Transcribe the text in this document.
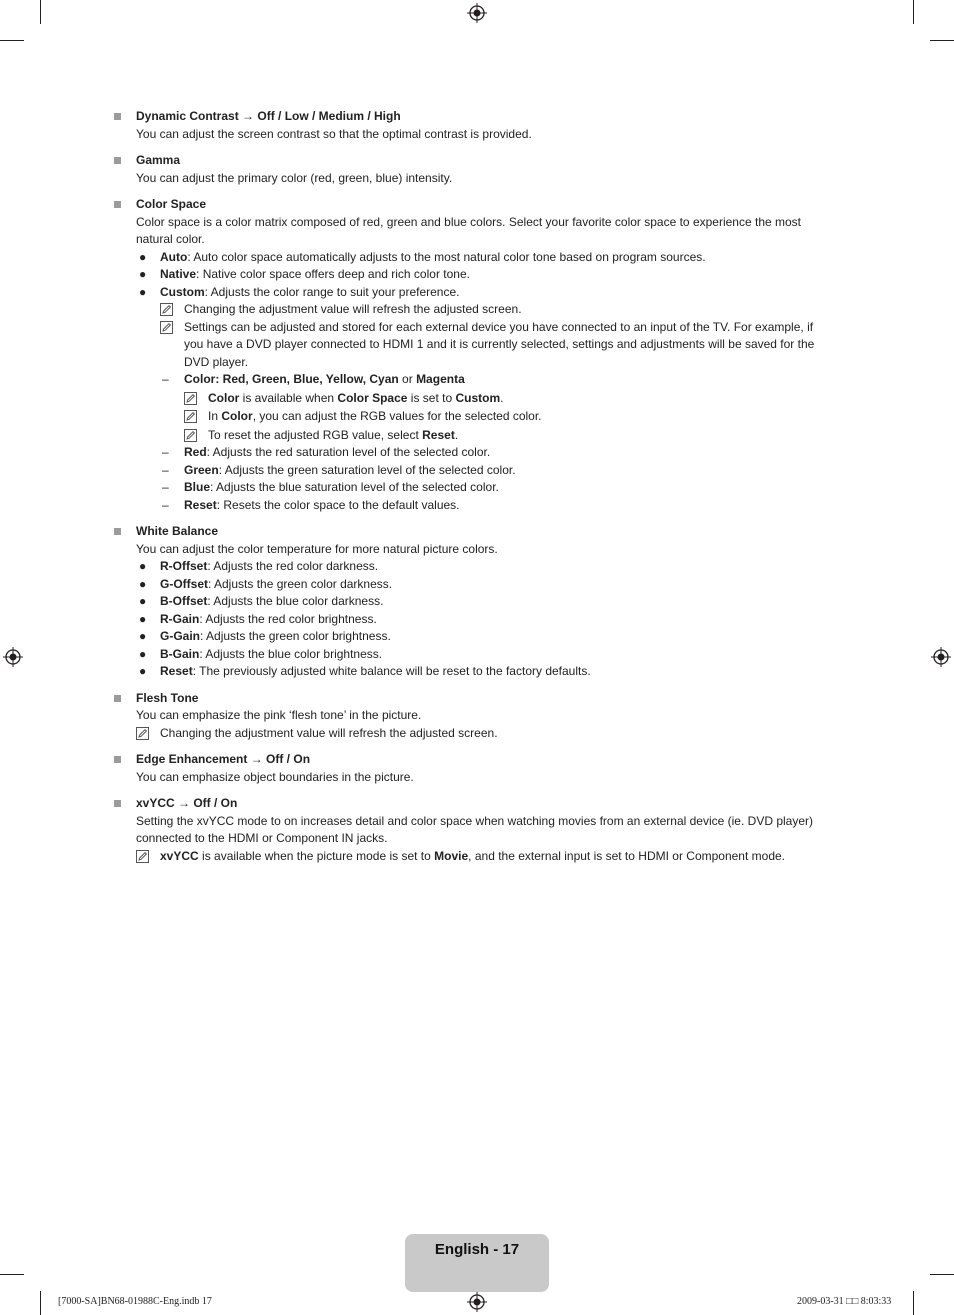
Dynamic Contrast → Off / Low / Medium / High
You can adjust the screen contrast so that the optimal contrast is provided.
Gamma
You can adjust the primary color (red, green, blue) intensity.
Color Space
Color space is a color matrix composed of red, green and blue colors. Select your favorite color space to experience the most natural color.
● Auto: Auto color space automatically adjusts to the most natural color tone based on program sources.
● Native: Native color space offers deep and rich color tone.
● Custom: Adjusts the color range to suit your preference.
Changing the adjustment value will refresh the adjusted screen.
Settings can be adjusted and stored for each external device you have connected to an input of the TV. For example, if you have a DVD player connected to HDMI 1 and it is currently selected, settings and adjustments will be saved for the DVD player.
– Color: Red, Green, Blue, Yellow, Cyan or Magenta
Color is available when Color Space is set to Custom.
In Color, you can adjust the RGB values for the selected color.
To reset the adjusted RGB value, select Reset.
– Red: Adjusts the red saturation level of the selected color.
– Green: Adjusts the green saturation level of the selected color.
– Blue: Adjusts the blue saturation level of the selected color.
– Reset: Resets the color space to the default values.
White Balance
You can adjust the color temperature for more natural picture colors.
● R-Offset: Adjusts the red color darkness.
● G-Offset: Adjusts the green color darkness.
● B-Offset: Adjusts the blue color darkness.
● R-Gain: Adjusts the red color brightness.
● G-Gain: Adjusts the green color brightness.
● B-Gain: Adjusts the blue color brightness.
● Reset: The previously adjusted white balance will be reset to the factory defaults.
Flesh Tone
You can emphasize the pink ‘flesh tone’ in the picture.
Changing the adjustment value will refresh the adjusted screen.
Edge Enhancement → Off / On
You can emphasize object boundaries in the picture.
xvYCC → Off / On
Setting the xvYCC mode to on increases detail and color space when watching movies from an external device (ie. DVD player) connected to the HDMI or Component IN jacks.
xvYCC is available when the picture mode is set to Movie, and the external input is set to HDMI or Component mode.
English - 17
[7000-SA]BN68-01988C-Eng.indb 17	2009-03-31 □□ 8:03:33
